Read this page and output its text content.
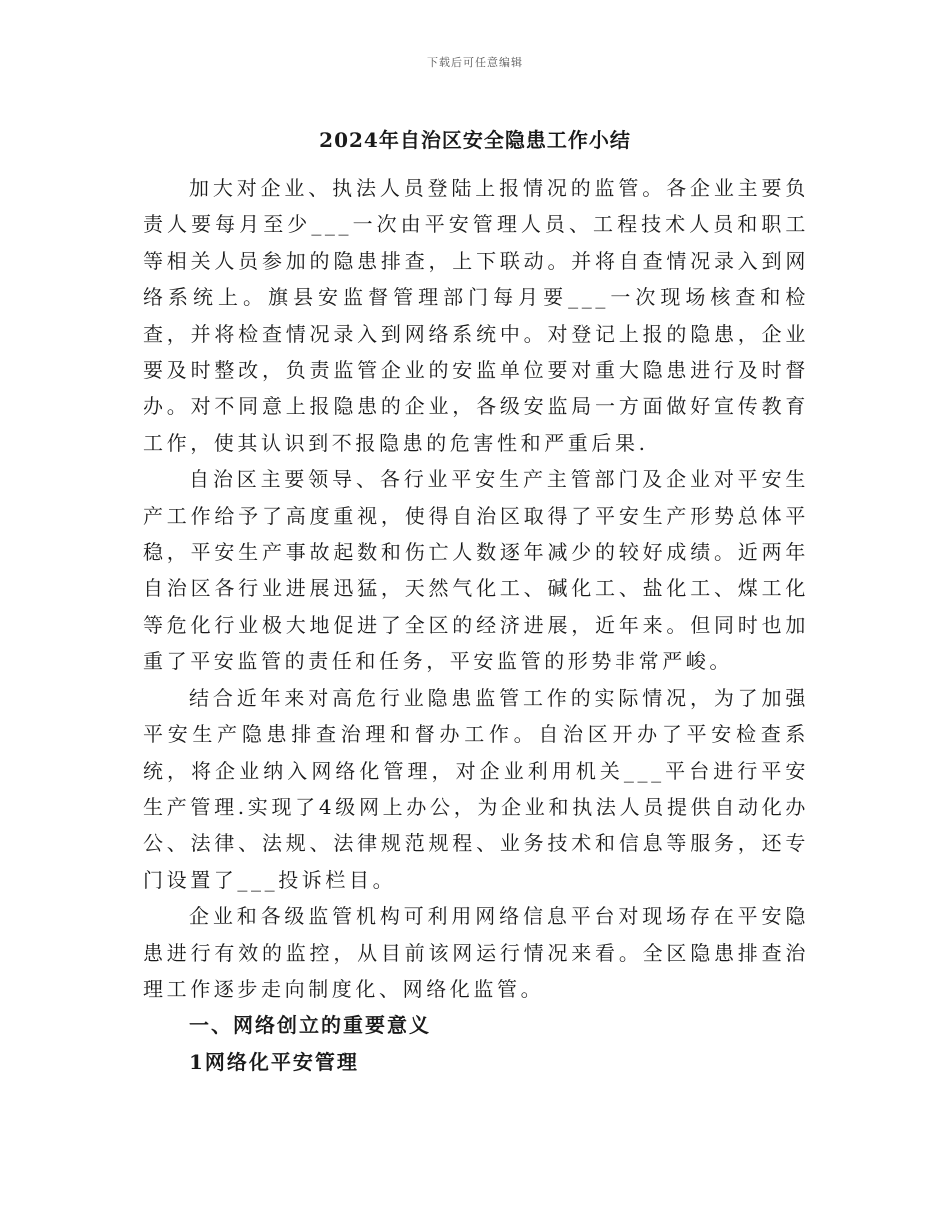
下载后可任意编辑
2024年自治区安全隐患工作小结

加大对企业、执法人员登陆上报情况的监管。各企业主要负责人要每月至少___一次由平安管理人员、工程技术人员和职工等相关人员参加的隐患排查，上下联动。并将自查情况录入到网络系统上。旗县安监督管理部门每月要___一次现场核查和检查，并将检查情况录入到网络系统中。对登记上报的隐患，企业要及时整改，负责监管企业的安监单位要对重大隐患进行及时督办。对不同意上报隐患的企业，各级安监局一方面做好宣传教育工作，使其认识到不报隐患的危害性和严重后果.

自治区主要领导、各行业平安生产主管部门及企业对平安生产工作给予了高度重视，使得自治区取得了平安生产形势总体平稳，平安生产事故起数和伤亡人数逐年减少的较好成绩。近两年自治区各行业进展迅猛，天然气化工、碱化工、盐化工、煤工化等危化行业极大地促进了全区的经济进展，近年来。但同时也加重了平安监管的责任和任务，平安监管的形势非常严峻。

结合近年来对高危行业隐患监管工作的实际情况，为了加强平安生产隐患排查治理和督办工作。自治区开办了平安检查系统，将企业纳入网络化管理，对企业利用机关___平台进行平安生产管理.实现了4级网上办公，为企业和执法人员提供自动化办公、法律、法规、法律规范规程、业务技术和信息等服务，还专门设置了___投诉栏目。

企业和各级监管机构可利用网络信息平台对现场存在平安隐患进行有效的监控，从目前该网运行情况来看。全区隐患排查治理工作逐步走向制度化、网络化监管。

一、网络创立的重要意义

1网络化平安管理
